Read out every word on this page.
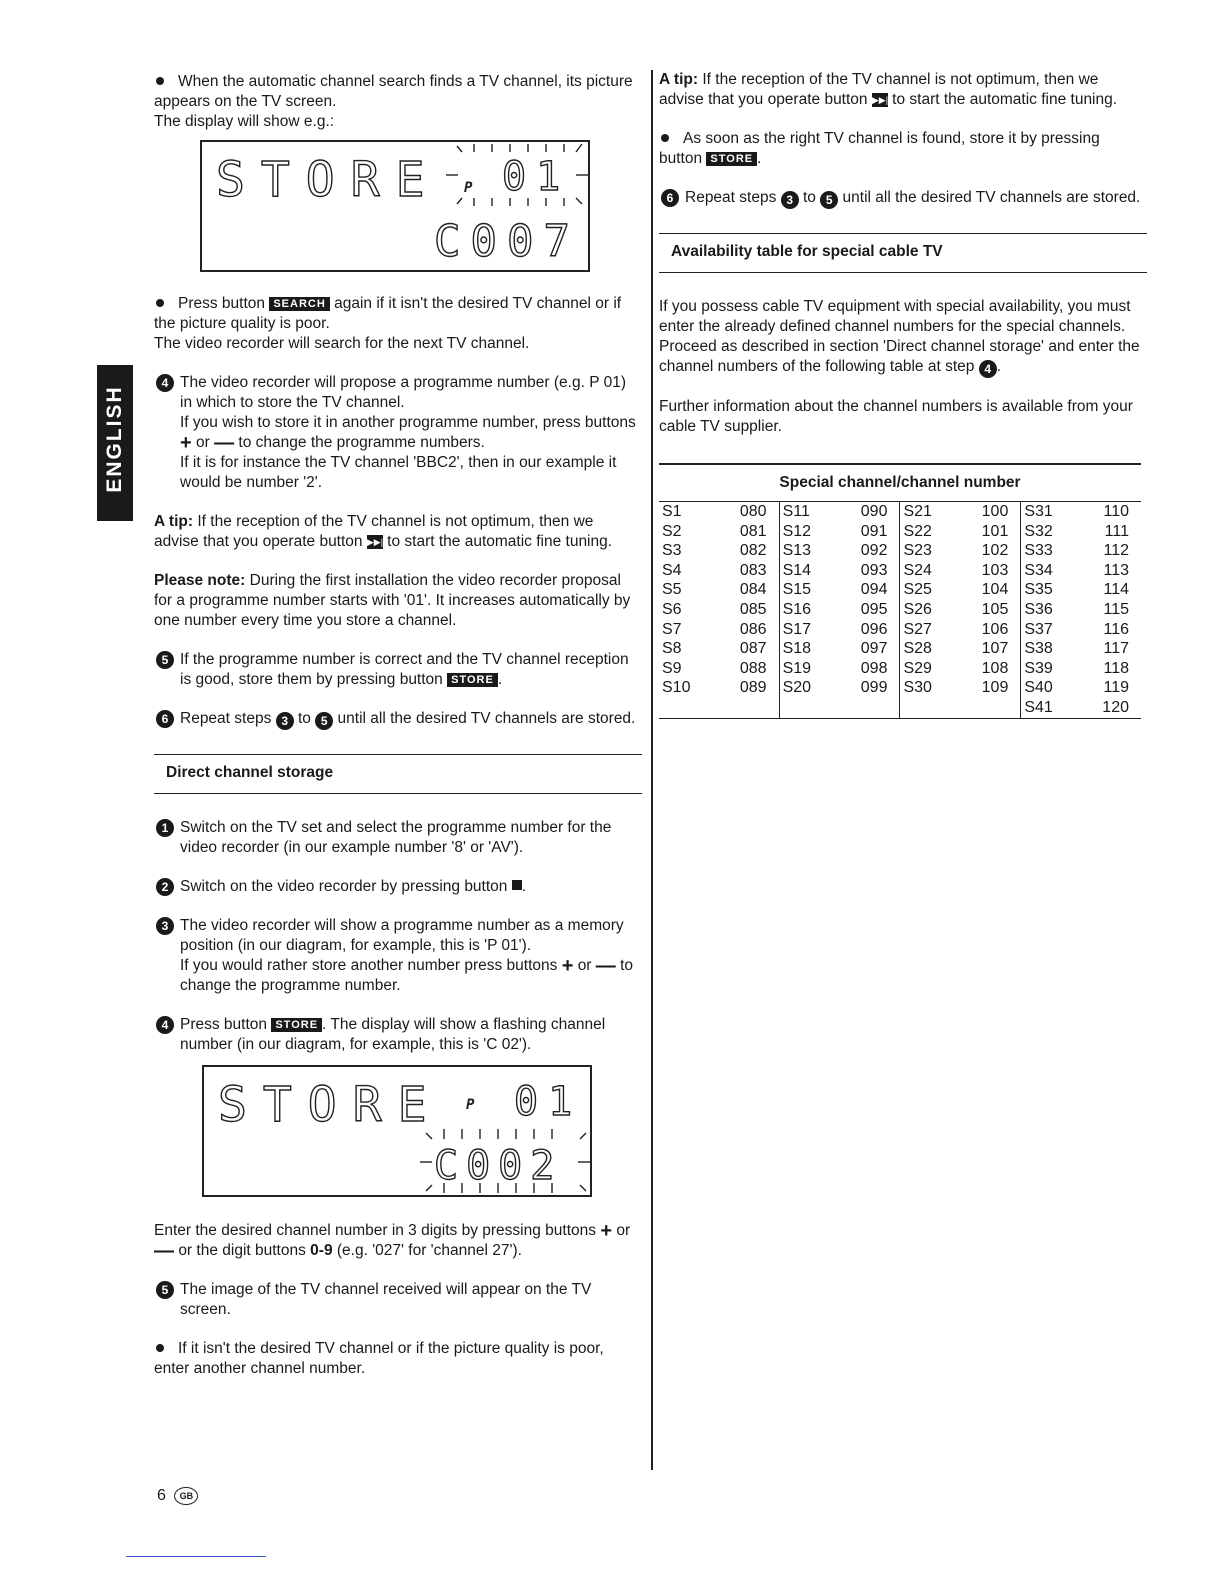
ENGLISH

When the automatic channel search finds a TV channel, its picture appears on the TV screen.

The display will show e.g.:

STORE P 01
C007

Press button SEARCH again if it isn't the desired TV channel or if the picture quality is poor.

The video recorder will search for the next TV channel.

4 The video recorder will propose a programme number (e.g. P 01) in which to store the TV channel.

If you wish to store it in another programme number, press buttons + or — to change the programme numbers.

If it is for instance the TV channel 'BBC2', then in our example it would be number '2'.

A tip: If the reception of the TV channel is not optimum, then we advise that you operate button ▶▶| to start the automatic fine tuning.

Please note: During the first installation the video recorder proposal for a programme number starts with '01'. It increases automatically by one number every time you store a channel.

5 If the programme number is correct and the TV channel reception is good, store them by pressing button STORE .

6 Repeat steps 3 to 5 until all the desired TV channels are stored.

Direct channel storage
1 Switch on the TV set and select the programme number for the video recorder (in our example number '8' or 'AV').

2 Switch on the video recorder by pressing button .

3 The video recorder will show a programme number as a memory position (in our diagram, for example, this is 'P 01').

If you would rather store another number press buttons + or — to change the programme number.

4 Press button STORE . The display will show a flashing channel number (in our diagram, for example, this is 'C 02').

STORE P 01
C002

Enter the desired channel number in 3 digits by pressing buttons + or — or the digit buttons 0-9 (e.g. '027' for 'channel 27').

5 The image of the TV channel received will appear on the TV screen.

If it isn't the desired TV channel or if the picture quality is poor, enter another channel number.

A tip: If the reception of the TV channel is not optimum, then we advise that you operate button ▶▶| to start the automatic fine tuning.

As soon as the right TV channel is found, store it by pressing button STORE .

6 Repeat steps 3 to 5 until all the desired TV channels are stored.

Availability table for special cable TV

If you possess cable TV equipment with special availability, you must enter the already defined channel numbers for the special channels.

Proceed as described in section 'Direct channel storage' and enter the channel numbers of the following table at step 4 .

Further information about the channel numbers is available from your cable TV supplier.

Special channel/channel number
S1	080	S11	090	S21	100	S31	110
S2	081	S12	091	S22	101	S32	111
S3	082	S13	092	S23	102	S33	112
S4	083	S14	093	S24	103	S34	113
S5	084	S15	094	S25	104	S35	114
S6	085	S16	095	S26	105	S36	115
S7	086	S17	096	S27	106	S37	116
S8	087	S18	097	S28	107	S38	117
S9	088	S19	098	S29	108	S39	118
S10	089	S20	099	S30	109	S40	119
						S41	120
6 GB
